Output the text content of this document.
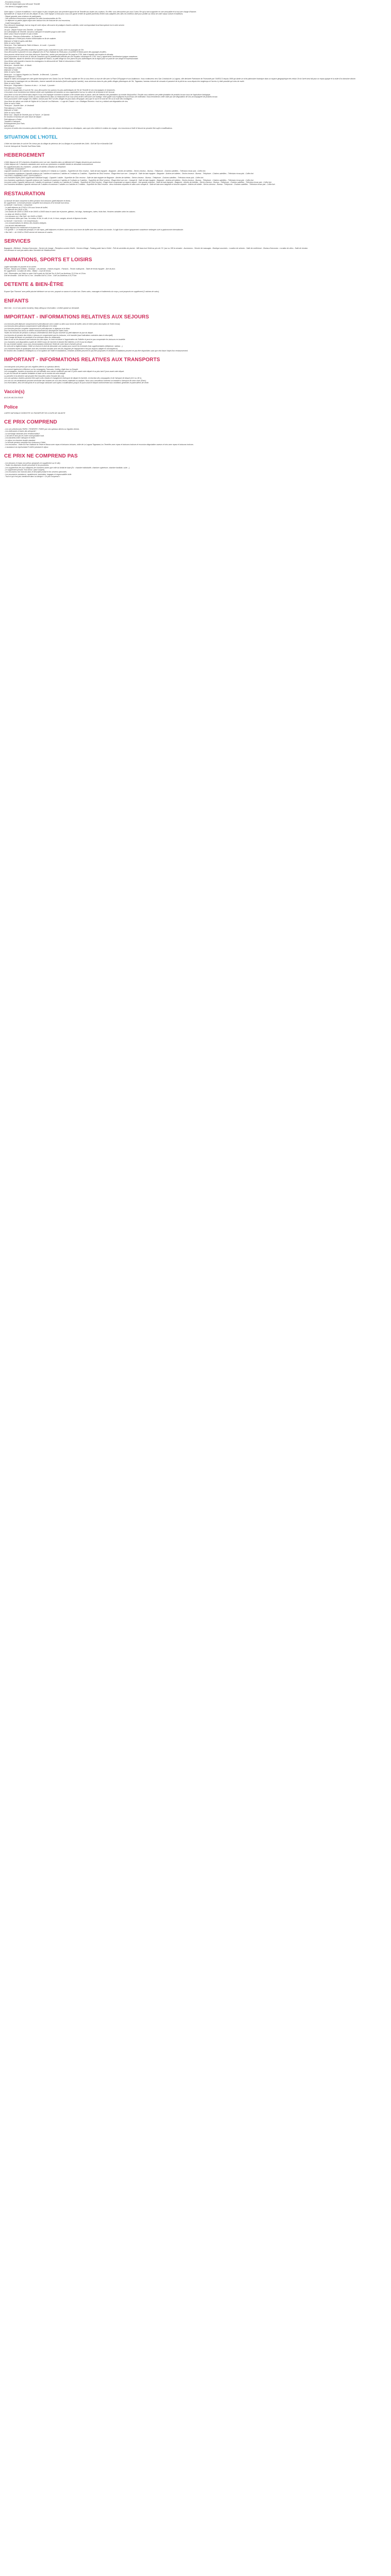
- Excursions incluses
- Porté de départ triple pour découvrir Tenerife
- Voir directs & bagages inclus
Votre séjour « Culture et traditions » est le séjour le plus complet pour une première approche de Tenerife aux toutes ses couleurs. En effet, vous découvrirez par vous 5 sens l'île qui a tant à apporter en une sensualité et la tout une charge d'histoire.
Spécialité de 12 repas et de ses des départ 15 ans, votre équipe a choisi pour vous une garnie d'hôtel de qualité (aménité) d'hôtel mais adaptées des sites les meilleurs doté pour profiter au mieux de votre séjour culture et traditions.
- Départ garantis sans minimum de participants,
- Une sélection d'excursions comprenant les sites incontournables de l'île,
- Le déjeuner ou panier pique-nique avec boisson lors de chacune de vos excursions,
- Guide francophone.
Pour découvrir davantage, tout au long de votre séjour, découvrez de pratiquer d'autres activités, notre correspondant local francophone est à votre service.
Votre programme :
1er jour : départ France vers Tenerife - le Samedi.
Vol à destination de Tenerife. Accueil à l'aéroport et transfert jusqu'à votre hôtel.
Dîner selon l'heure d'arrivée et nuit à l'hôtel.
2ème jour : Réunion d'information - le Dimanche
Petit déjeuner à l'hôtel puis réunion d'information en fin de matinée.
Déjeuner à l'hôtel et après-midi libre.
Dîner et nuit à l'hôtel.
3ème jour : Parc National du Teide et Masca - le Lundi - 1 journée :
Petit déjeuner à l'hôtel
Cette excursion vous permettra d'admirer la partie la plus culturelle et la plus riche en paysages de l'île.
Vous découvrirez la journée en vous dirigeant vers le Parc National du Teide pour y là arrêter et flânez parmi des paysages insolites.
Vous pourrez même aussi vous faire découvrir Garachico, ancien port principal de l'île jusqu'en 1706, date à laquelle une éruption le dévasta.
Vous poursuivrez le circuit vers la Villa de Garachico qui fut partiellement détruite par une éruption volcanique en 1706. Vous y apprécierez l'architecture typique canarienne.
Après déjeuner, départ en direction de la bourgade de Masca, un petit village au nom parmi les plus authentiques de la région pour un point de vue unique et impressionnant.
Vous finirez votre journée à travers les montagnes à la découverte de Teide et retournerez à l'hôtel.
Dîner et nuit à l'hôtel.
4ème jour : Journée libre - le Mardi :
Petit déjeuner à l'hôtel.
Déjeuner à l'hôtel.
Dîner et nuit à l'hôtel.
5ème jour : La Laguna Vegueta Los Tenerife - le Mercredi - 1 journée :
Petit déjeuner à l'hôtel
Départ le matin accompagné de votre guide francophone vers Santa Cruz de Tenerife, capitale de l'île où vous ferez un tour de ville avec la Place D'Espagne et son Auditorium. Vous continuerez vers San Cristóbal de La Laguna, ville déclarée Patrimoine de l'Humanité par l'UNESCO depuis 1999 qui abrite un riche patrimoine historique dans un espace géographique très réduit. De là l'arrêt sera fait pour un repas typique et la visite d'un domaine viticole.
En traversant la montagne de Las Mercedes, réserve naturelle de laurisilva (forêt subtropicale humide), nous arriverons dans les plus petits villages pittoresques de l'île, Taganana, hameau entouré de versants et parsemé de la pêche au sous depuis très longtemps et l'accès n'y était possible qu'à dos de mulet.
Dîner et nuit à l'hôtel.
6ème jour : Dégustation « Saveurs et vins » - le Jeudi - 1 journée :
Petit déjeuner à l'hôtel
Lors de ce voyage dans le sud de l'île, vous découvrirez les saveurs les plus authentiques de l'île de Tenerife et ses vins typiques et renommés.
L'excursion vous emmènera tout d'abord visiter une exploitation de bananes où vous apprendrez tout sur la culture de la banane et de l'avocat.
Vous ferez un tour de la ferme dans lequel il vous sera expliqué comment la banane a été cultivée dans le passé, ainsi de l'intérieur des plantations au monde d'aujourd'hui. Ensuite vous visiterez une petite plantation de produits locaux issus de l'agriculture biologique.
Ensuite nous nous arrêterons à Arafo où nous déjeunerons dans un restaurant et où vous serez invité à découvrir une bodega. Votre guide vous expliquera le processus de vinification. Nous terminerons cette visite par une dégustation de vins accompagnée de produits locaux.
Vous poursuivrez votre voyage vers Vilaflor, connue pour être l'un des villages les plus hauts d'Espagne, ainsi que le sud et le nord de l'île où la route des montagnes.
Vous ferez de même une visite de l'église de la Casa de Los Balcones : « Luge de Chasne » ou « Bodegas Reverón » tout en y visitant une dégustation de vins.
Dîner et nuit à l'hôtel.
7ème jour : Journée libre - le Vendredi
Petit déjeuner à l'hôtel :
Déjeuner à l'hôtel :
Dîner et nuit à l'hôtel.
8ème Jour : Départ de Tenerife pour la France - le Samedi
En fonction et fonction de votre heure de départ :
Petit déjeuner à l'hôtel
Transfert à l'aéroport.
Embarquement pour Paris.
IMPORTANT :
Les jours et ordres des excursions peuvent être modifiés pour des raisons techniques ou climatiques, sans que cela n'altère le contenu du voyage. Les excursions à Noël et Nouvel an peuvent être sujet à modifications.
SITUATION DE L'HOTEL
L'hôtel est situé dans le sud de l'île à deux pas du village de pêcheurs de Los Abrigos et à proximité des Golfs : Golf del Sur et Amarilla Golf.
Il est de l'aéroport de Tenerife Sud Reina Sofia.
HEBERGEMENT
L'hôtel dispose de 323 chambres climatisées avec vue mer, réparties dans un bâtiment de 9 étages desservis par ascenseur.
L'hôtel dispose de 2 chambres standards avec accès aux personnes à mobilité réduite en demande exclusivement.
En supplément dans les chambres : produits de toilette, utilisation du téléphone.
**CHAMBRE STANDARD**
Capacité maximum de 2 adultes et maximum 2 adultes et 2 enfants ou 3 adultes - Superficie de 33m² environ - Salle de bain équipée - Baignoire - Articles de toilettes - Sèche-cheveux - Bureau - Téléphone - Chaînes satellites - Télévision écran plat - Coffre-fort.
Les chambres supérieures Capacité minimum de 2 adultes et maximum 2 adultes et 2 enfants ou 3 adultes - Superficie de 35m2 environ - Étage élevé vue mer - Canapé-lit - Salle de bain équipée - Baignoire - Articles de toilettes - Sèche-cheveux - Bureau - Téléphone - Chaînes satellites - Télévision écran plat - Coffre-fort.
**AUTRES CHAMBRES AVEC SUPPLEMENT**
Les chambres triples (Avec supplément individuel longé) : Capacité 1 adulte - Superficie de 33m² environ - Salle de bain équipée de Baignoire - Articles de toilettes - Sèche-cheveux - Bureau - Téléphone - Chaînes satellites - Télévision écran plat - Coffre-fort.
Les chambres supérieures Capacité minimum de 2 adultes et maximum 2 adultes et 2 enfants ou 3 adultes - Superficie de 35m2 environ - Étage élevé vue mer - Canapé-lit - Salle de bain équipée - Baignoire - Articles de toilettes - Sèche-cheveux - Bureau - Téléphone - Chaînes satellites - Télévision écran plat - Coffre-fort.
Les junior suites Capacité minimum de 2 adultes et maximum 3 adultes ou 2 adultes et 2 enfants - Superficie de 53m2 environ - Étage élevé comprenant un espace séparé - Une grande chambre - Salle de bain équipée - Baignoire - Articles de toilettes - Sèche-cheveux - Bureau - Téléphone - Chaînes satellites - Télévision écran plat - Coffre-fort.
Les chambres familiales Capacité minimum de 3 adultes et maximum 3 adultes ou 4 adultes et 2 enfants - Superficie de 55m2 environ - deux chambres séparées et salon avec canapé-lit - Salle de bain avec baignoire et douche séparée - Articles de toilette - Sèche-cheveux - Bureau - Téléphone - Chaînes satellites - Télévision écran plat - Coffre-fort.
RESTAURATION
La formule de base comprend la demi-pension hors boissons (petit déjeuner et dîner).
En supplément : la formule pension complète hors boissons et la formule tout inclus.
La formule « tout inclus » comprend :
- Le petit déjeuner de 07h30 à 10h sous forme de buffet,
- Le déjeuner de 13h30 à 15h,
- Les snacks de 11h00 à 13h00 et de 16h00 à 18h30 dans le snack bar et piscine, gâteaux, hot-dogs, hamburgers, tartes, fruits frais. Horaires variables selon les saisons.
- Le dîner de 19h00 à 22h00,
- Les boissons au « Bar Hall » de 11h00 à 23h00 :
- Les boissons telles que l'eau, les sodas, le thé, le café, le vin, le rhum, sangria, alcools et liqueurs locales.
La formule « tout inclus » ne comprend pas :
- Les consommations en dehors des horaires indiqués.
- Les alcools internationaux.
L'hôtel dispose d'un restaurant et du piano bar :
« El Quelite » : Le restaurant principal, le coin repas, petit déjeuners et dîners sont servis sous forme de buffet avec des cuisines du monde. Il s'agit d'une cuisine typiquement canarienne mélangée à de la gastronomie internationale.
« Bar Hall » : de 11h00 à 23h00 service de boissons et snacks.
SERVICES
Bagagerie - Billetterie - Bureau d'excursion - Service de change - Réception ouverte 24h/24 - Service d'étage - Parking public face à l'hôtel - Prêt de serviettes de piscine - Wifi dans tout l'hôtel au prix de 2 € / jour ou 10€ la semaine - Ascenseurs - Service de massages - Boutique souvenirs - Location de voitures - Salle de conférence - Bureau d'excursion - Location de vélos - Salle de réunion.
Les animaux ne sont pas admis dans l'enceinte de l'établissement.
ANIMATIONS, SPORTS ET LOISIRS
Légère animation en journée et en soirée.
Piscine - Bassin pour enfants - Solarium - Lits balinais - chaises longues - Parasols - Terrain multisports - Table de tennis équipée - Aire de jeux.
En supplément : Location de vélos - Billard - Court de tennis.
Golf : Réservation via l'hôtel ou votre Golf à partir du Golf del Sur & Golf Las Américas 13,10 km et 15 km.
Golf de Amarilla : Golf del Sur à 2 km - Amarilla Golf à 2,5 km - Golf Las Américas à 15,70 km.
DETENTE & BIEN-ÊTRE
Espace Spa "Namma" avec petite piscine intérieure vue sur mer, proposé un sauna et un bain turc. Divers soins, massages et traitements du corps y sont proposés en supplément (2 cabines de soins).
ENFANTS
Mini Club : 4 à 12 ans (selon horaires). Baby sitting sur réservation. Lit bébé gratuit sur demande.
IMPORTANT - INFORMATIONS RELATIVES AUX SEJOURS
Les formules petit déjeuner comprennent le petit déjeuner servi à table ou bien sous forme de buffet, selon le hôtel (selon description de l'hôtel choisi).
Les formules demi-pension comprennent le petit déjeuner et le dîner.
Les formules pension complète comprennent le petit déjeuner, le déjeuner et le dîner.
Pour les formules tout inclus se référer exclusivement au descriptif de l'hôtel choisi.
Toutes les formules de pension ci-dessus s'entendent du dîner du jour d'arrivée au petit déjeuner du jour du départ.
Les formules de pension des hôtels ci-dessus ne comprennent pas les boissons, ni le transfert (sauf indications contraires dans le descriptif).
Il est d'usage de laisser un pourboire d'un minimum dans les restaurants.
Dans le cas où les boissons sont incluses lors des repas, le choix est laissé à l'appréciation de l'hôtelier et peut ne pas comprendre les boissons en bouteille.
Les chambres sont disponibles à partir de 15h00 le jour de l'arrivée et doivent être libérées à 12h le jour du départ.
En cas d'arrivée tardive, nous vous recommandons d'informer l'hôtel de votre heure d'arrivée prévue.
En vertu de la réglementation, l'hôtel se réserve le droit de demander une caution pour couvrir les éventuels frais supplémentaires (téléphone, minibar…).
Les chambres triples et quadruples sont des chambres doubles avec des lits d'appoint (et l'équipement n'est pas toujours adapté en conséquence).
En fonction des conditions climatiques ou à l'occupation de l'hôtel et installations, certaines activités peuvent ne pas être proposées et certaines installations peuvent ne pas être disponibles sans que cela fasse l'objet d'un remboursement.
IMPORTANT - INFORMATIONS RELATIVES AUX TRANSPORTS
Les transports sont prévus par vols réguliers directs ou spéciaux directs.
Ils pourront également s'effectuer sur les compagnies Transavia, Vueling, Aigle Azur ou Easyjet.
Les compagnies, horaires et numéros de vols définitifs vous seront confirmés par mail 12 jours avant votre départ et au plus tard 3 jours avant votre départ.
Le prix est calculé de manière forfaitaire et basé sur le nombre de nuits indiqué.
La première et la dernière nuit peuvent être écourtées selon l'horaire des vols.
Les vols spéciaux charters peuvent être sujet à des retards et changement d'aéroport de départ et d'arrivée, en fonction des compagnies et de l'aéroport de départ (24 h ou 48 h).
Les vols sur ces destinations peuvent nécessiter des horaires de vol à des heures matinales ou tardives. Nous vous conseillons vivement un transfert à l'aéroport de votre choix (Paris).
Les réservations, lieux de transports et la surcharge carburant sont sujets à modifications jusqu'à 30 jours avant le départ conformément aux conditions générales et particulières de vente.
Vaccin(s)
AUCUN VACCIN EXIGE
Police
CARTE NATIONALE D'IDENTITE OU PASSEPORT EN COURS DE VALIDITE
CE PRIX COMPREND
- Les vols sélectionnés PARIS / TENERIFE / PARIS par vols spéciaux directs ou réguliers directs.
- Les redevances et taxes des aéroports*.
- La surcharge carburant (non remboursable)*.
- L'accueil et l'ami par les notre correspondant local.
- Les transferts entre l'aéroport et l'hôtel.
- Le séjour en chambre double standard.
- La formule pension complète hors boissons à l'hôtel.
- Les excursions : Visite du Parc National du Teide et Masca avec repas et boissons incluses, visite de La Laguna Taganana-Los Tenerifes avec repas et boissons incluses et excursion dégustation saveurs et vins avec repas et boissons incluses.
- L'assistance du représentant FLAINO pendant le séjour.
CE PRIX NE COMPREND PAS
- Les boissons et repas non prévus (proposés en supplément sur le site).
- Toutes les dépenses d'ordre personnel et les pourboires.
- Les suppléments liés aux catégories de chambres autres que celle du forfait de base (Ex : chambre individuelle, chambre supérieure, chambre familiale, suite…).
- Le supplément pension "tout inclus" (sauf compris).
- Les excursions non incluses dans le descriptif produit et les services optionnels.
- Les assurances assistance, rapatriement, annulation, bagages et responsabilité civile.
- Tout ce qui n'est pas mentionné dans la rubrique « Ce prix comprend ».
